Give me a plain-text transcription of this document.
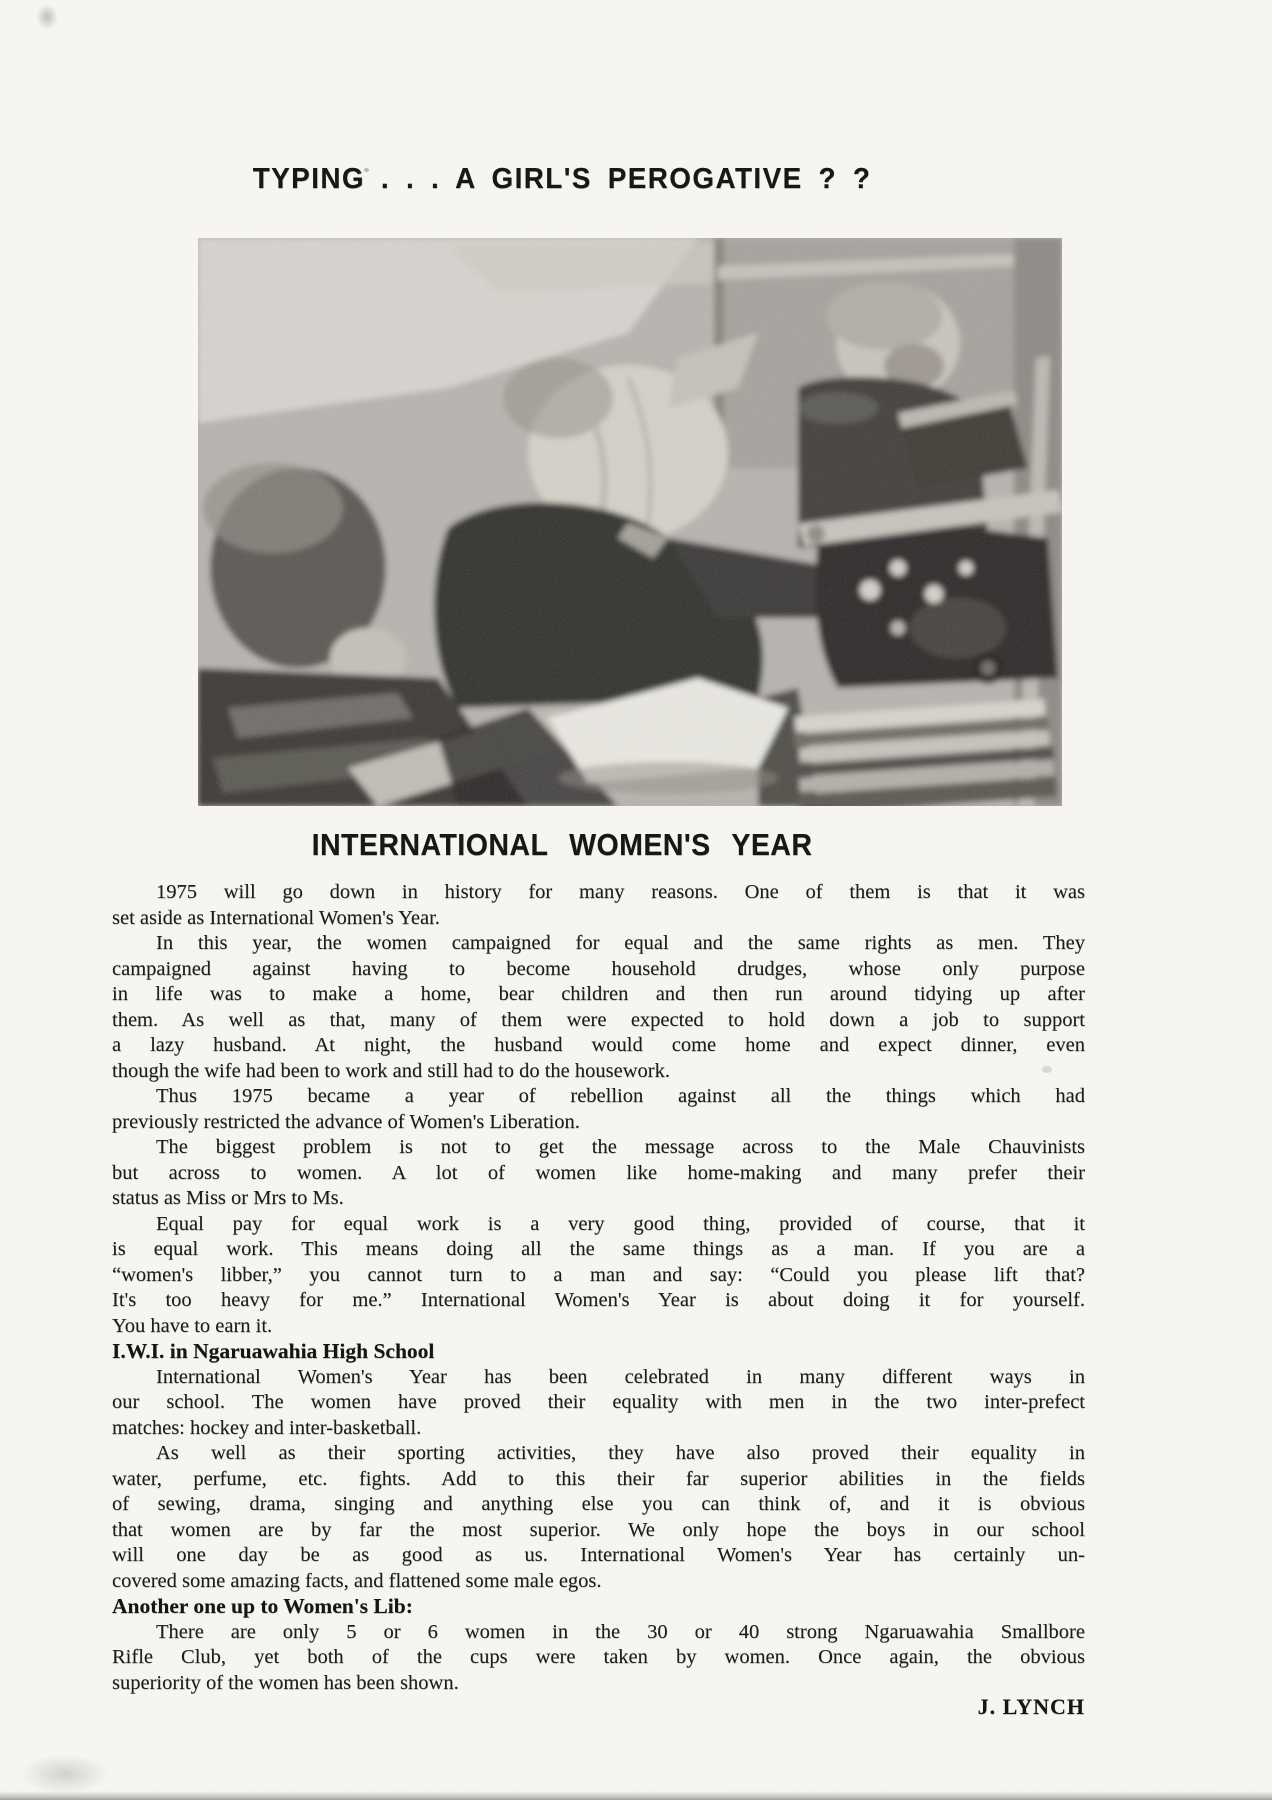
TYPING . . . A GIRL'S PEROGATIVE ? ?
INTERNATIONAL WOMEN'S YEAR
1975 will go down in history for many reasons. One of them is that it was
set aside as International Women's Year.
In this year, the women campaigned for equal and the same rights as men. They
campaigned against having to become household drudges, whose only purpose
in life was to make a home, bear children and then run around tidying up after
them. As well as that, many of them were expected to hold down a job to support
a lazy husband. At night, the husband would come home and expect dinner, even
though the wife had been to work and still had to do the housework.
Thus 1975 became a year of rebellion against all the things which had
previously restricted the advance of Women's Liberation.
The biggest problem is not to get the message across to the Male Chauvinists
but across to women. A lot of women like home-making and many prefer their
status as Miss or Mrs to Ms.
Equal pay for equal work is a very good thing, provided of course, that it
is equal work. This means doing all the same things as a man. If you are a
“women's libber,” you cannot turn to a man and say: “Could you please lift that?
It's too heavy for me.” International Women's Year is about doing it for yourself.
You have to earn it.
I.W.I. in Ngaruawahia High School
International Women's Year has been celebrated in many different ways in
our school. The women have proved their equality with men in the two inter-prefect
matches: hockey and inter-basketball.
As well as their sporting activities, they have also proved their equality in
water, perfume, etc. fights. Add to this their far superior abilities in the fields
of sewing, drama, singing and anything else you can think of, and it is obvious
that women are by far the most superior. We only hope the boys in our school
will one day be as good as us. International Women's Year has certainly un-
covered some amazing facts, and flattened some male egos.
Another one up to Women's Lib:
There are only 5 or 6 women in the 30 or 40 strong Ngaruawahia Smallbore
Rifle Club, yet both of the cups were taken by women. Once again, the obvious
superiority of the women has been shown.
J. LYNCH
